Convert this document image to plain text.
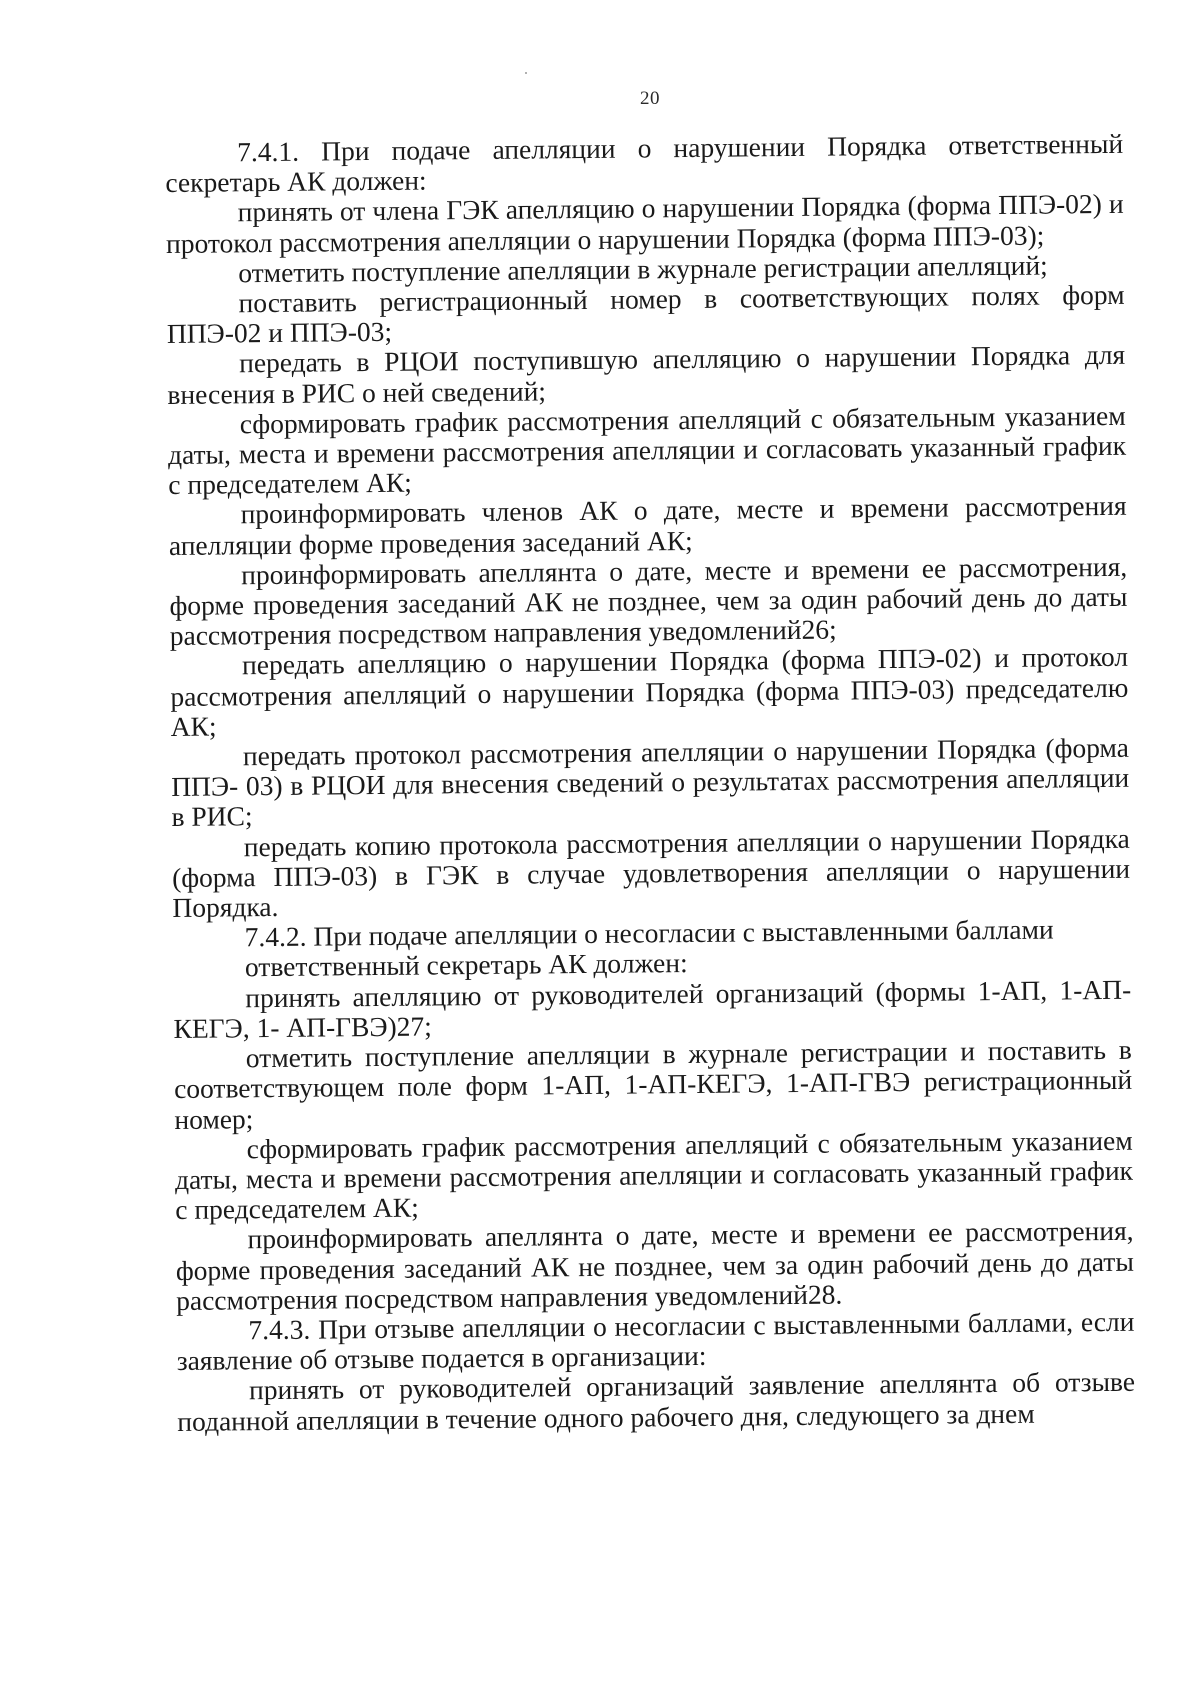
20

7.4.1. При подаче апелляции о нарушении Порядка ответственный секретарь АК должен:

принять от члена ГЭК апелляцию о нарушении Порядка (форма ППЭ-02) и протокол рассмотрения апелляции о нарушении Порядка (форма ППЭ-03);

отметить поступление апелляции в журнале регистрации апелляций;

поставить регистрационный номер в соответствующих полях форм ППЭ-02 и ППЭ-03;

передать в РЦОИ поступившую апелляцию о нарушении Порядка для внесения в РИС о ней сведений;

сформировать график рассмотрения апелляций с обязательным указанием даты, места и времени рассмотрения апелляции и согласовать указанный график с председателем АК;

проинформировать членов АК о дате, месте и времени рассмотрения апелляции форме проведения заседаний АК;

проинформировать апеллянта о дате, месте и времени ее рассмотрения, форме проведения заседаний АК не позднее, чем за один рабочий день до даты рассмотрения посредством направления уведомлений26;

передать апелляцию о нарушении Порядка (форма ППЭ-02) и протокол рассмотрения апелляций о нарушении Порядка (форма ППЭ-03) председателю АК;

передать протокол рассмотрения апелляции о нарушении Порядка (форма ППЭ- 03) в РЦОИ для внесения сведений о результатах рассмотрения апелляции в РИС;

передать копию протокола рассмотрения апелляции о нарушении Порядка (форма ППЭ-03) в ГЭК в случае удовлетворения апелляции о нарушении Порядка.

7.4.2. При подаче апелляции о несогласии с выставленными баллами

ответственный секретарь АК должен:

принять апелляцию от руководителей организаций (формы 1-АП, 1-АП-КЕГЭ, 1- АП-ГВЭ)27;

отметить поступление апелляции в журнале регистрации и поставить в соответствующем поле форм 1-АП, 1-АП-КЕГЭ, 1-АП-ГВЭ регистрационный номер;

сформировать график рассмотрения апелляций с обязательным указанием даты, места и времени рассмотрения апелляции и согласовать указанный график с председателем АК;

проинформировать апеллянта о дате, месте и времени ее рассмотрения, форме проведения заседаний АК не позднее, чем за один рабочий день до даты рассмотрения посредством направления уведомлений28.

7.4.3. При отзыве апелляции о несогласии с выставленными баллами, если заявление об отзыве подается в организации:

принять от руководителей организаций заявление апеллянта об отзыве поданной апелляции в течение одного рабочего дня, следующего за днем
